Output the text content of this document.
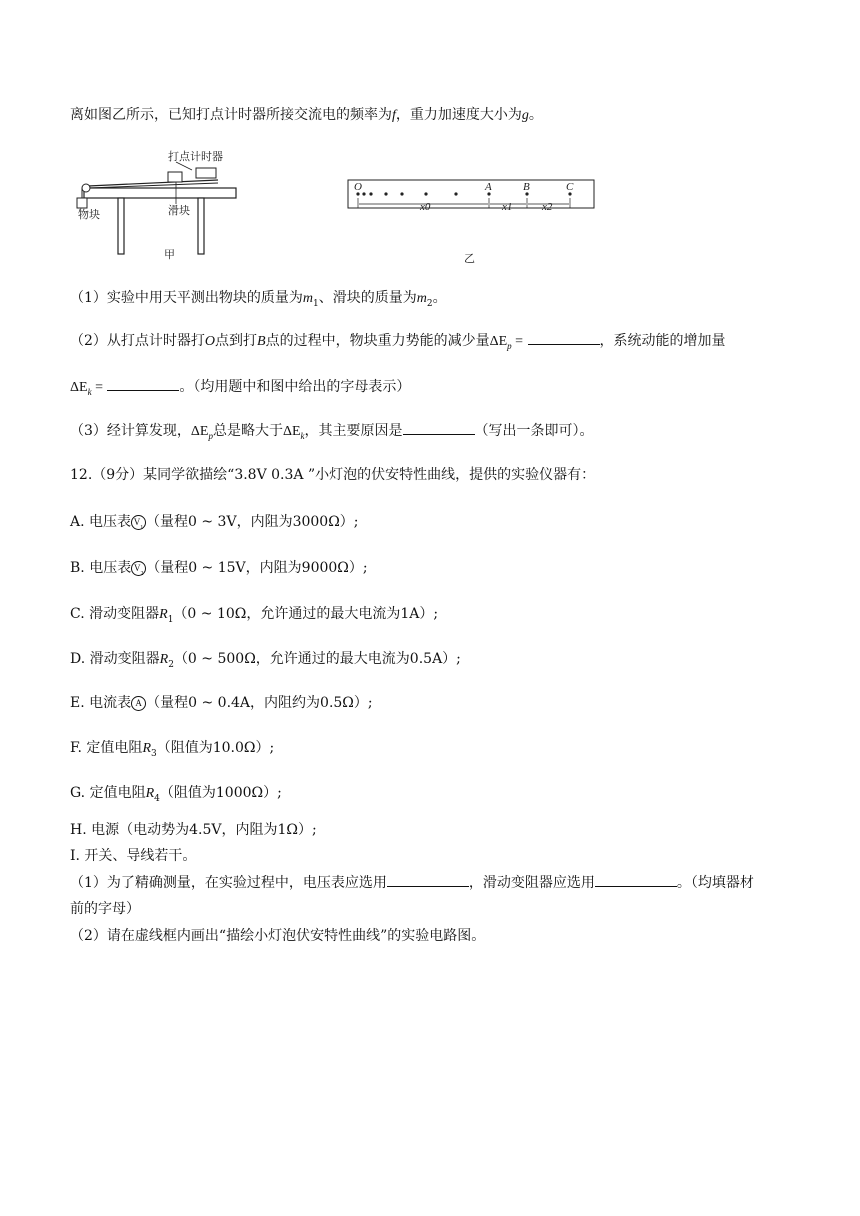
离如图乙所示，已知打点计时器所接交流电的频率为f，重力加速度大小为g。
打点计时器
物块	滑块
甲
O	A	B	C
x0	x1	x2
乙
（1）实验中用天平测出物块的质量为$m_1$、滑块的质量为$m_2$。
（2）从打点计时器打O点到打B点的过程中，物块重力势能的减少量$\Delta E_p$ =	，系统动能的增加量
$\Delta E_k$ =	。（均用题中和图中给出的字母表示）
（3）经计算发现，$\Delta E_p$总是略大于$\Delta E_k$，其主要原因是	（写出一条即可）。
12.（9分）某同学欲描绘“3.8V 0.3A ”小灯泡的伏安特性曲线，提供的实验仪器有：
A. 电压表 $V_1$ （量程0 ~ 3V，内阻为3000Ω）;
B. 电压表 $V_2$ （量程0 ~ 15V，内阻为9000Ω）;
C. 滑动变阻器$R_1(0$ ~ 10Ω，允许通过的最大电流为1A）;
D. 滑动变阻器$R_2(0$ ~ 500Ω，允许通过的最大电流为0.5A）;
E. 电流表 A （量程0 ~ 0.4A，内阻约为0.5Ω）;
F. 定值电阻$R_3$（阻值为10.0Ω）;
G. 定值电阻$R_4$（阻值为1000Ω）;
H. 电源（电动势为4.5V，内阻为1Ω）;
I. 开关、导线若干。
（1）为了精确测量，在实验过程中，电压表应选用	，滑动变阻器应选用	。（均填器材
前的字母）
（2）请在虚线框内画出“描绘小灯泡伏安特性曲线”的实验电路图。
